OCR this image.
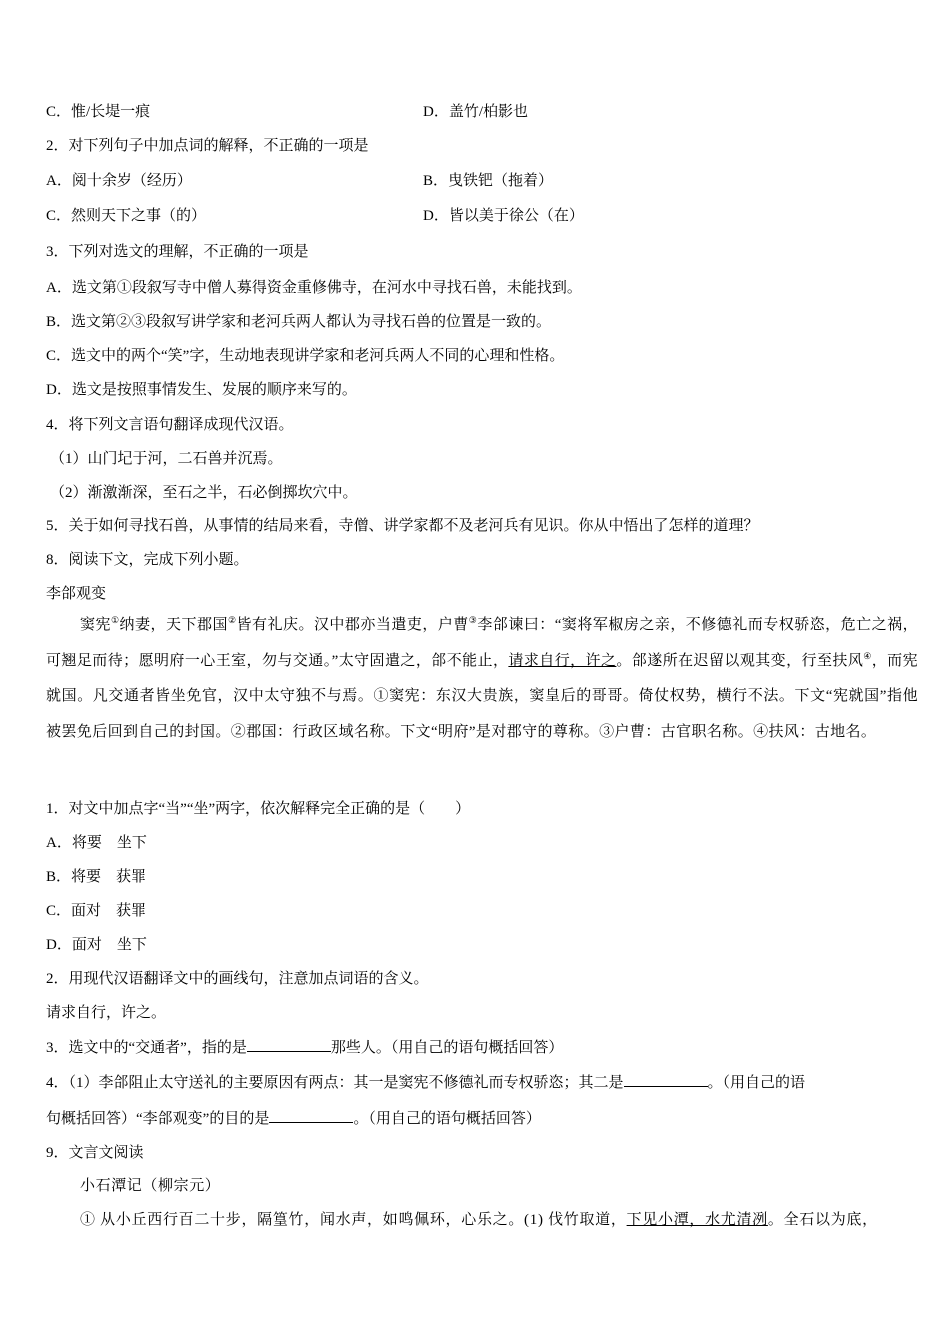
C．惟/长堤一痕	D．盖竹/柏影也
2．对下列句子中加点词的解释，不正确的一项是
A．阅十余岁（经历）	B．曳铁钯（拖着）
C．然则天下之事（的）	D．皆以美于徐公（在）
3．下列对选文的理解，不正确的一项是
A．选文第①段叙写寺中僧人募得资金重修佛寺，在河水中寻找石兽，未能找到。
B．选文第②③段叙写讲学家和老河兵两人都认为寻找石兽的位置是一致的。
C．选文中的两个“笑”字，生动地表现讲学家和老河兵两人不同的心理和性格。
D．选文是按照事情发生、发展的顺序来写的。
4．将下列文言语句翻译成现代汉语。
（1）山门圮于河，二石兽并沉焉。
（2）渐激渐深，至石之半，石必倒掷坎穴中。
5．关于如何寻找石兽，从事情的结局来看，寺僧、讲学家都不及老河兵有见识。你从中悟出了怎样的道理？
8．阅读下文，完成下列小题。
李郃观变
窦宪①纳妻，天下郡国②皆有礼庆。汉中郡亦当遣吏，户曹③李郃谏曰：“窦将军椒房之亲，不修德礼而专权骄恣，危亡之祸，可翘足而待；愿明府一心王室，勿与交通。”太守固遣之，郃不能止，请求自行，许之。郃遂所在迟留以观其变，行至扶风④，而宪就国。凡交通者皆坐免官，汉中太守独不与焉。①窦宪：东汉大贵族，窦皇后的哥哥。倚仗权势，横行不法。下文“宪就国”指他被罢免后回到自己的封国。②郡国：行政区域名称。下文“明府”是对郡守的尊称。③户曹：古官职名称。④扶风：古地名。
1．对文中加点字“当”“坐”两字，依次解释完全正确的是（　　）
A．将要　坐下
B．将要　获罪
C．面对　获罪
D．面对　坐下
2．用现代汉语翻译文中的画线句，注意加点词语的含义。
请求自行，许之。
3．选文中的“交通者”，指的是	那些人。（用自己的语句概括回答）
4．（1）李郃阻止太守送礼的主要原因有两点：其一是窦宪不修德礼而专权骄恣；其二是	。（用自己的语
句概括回答）“李郃观变”的目的是	。（用自己的语句概括回答）
9．文言文阅读
小石潭记（柳宗元）
① 从小丘西行百二十步，隔篁竹，闻水声，如鸣佩环，心乐之。(1) 伐竹取道，下见小潭，水尤清冽。全石以为底，
